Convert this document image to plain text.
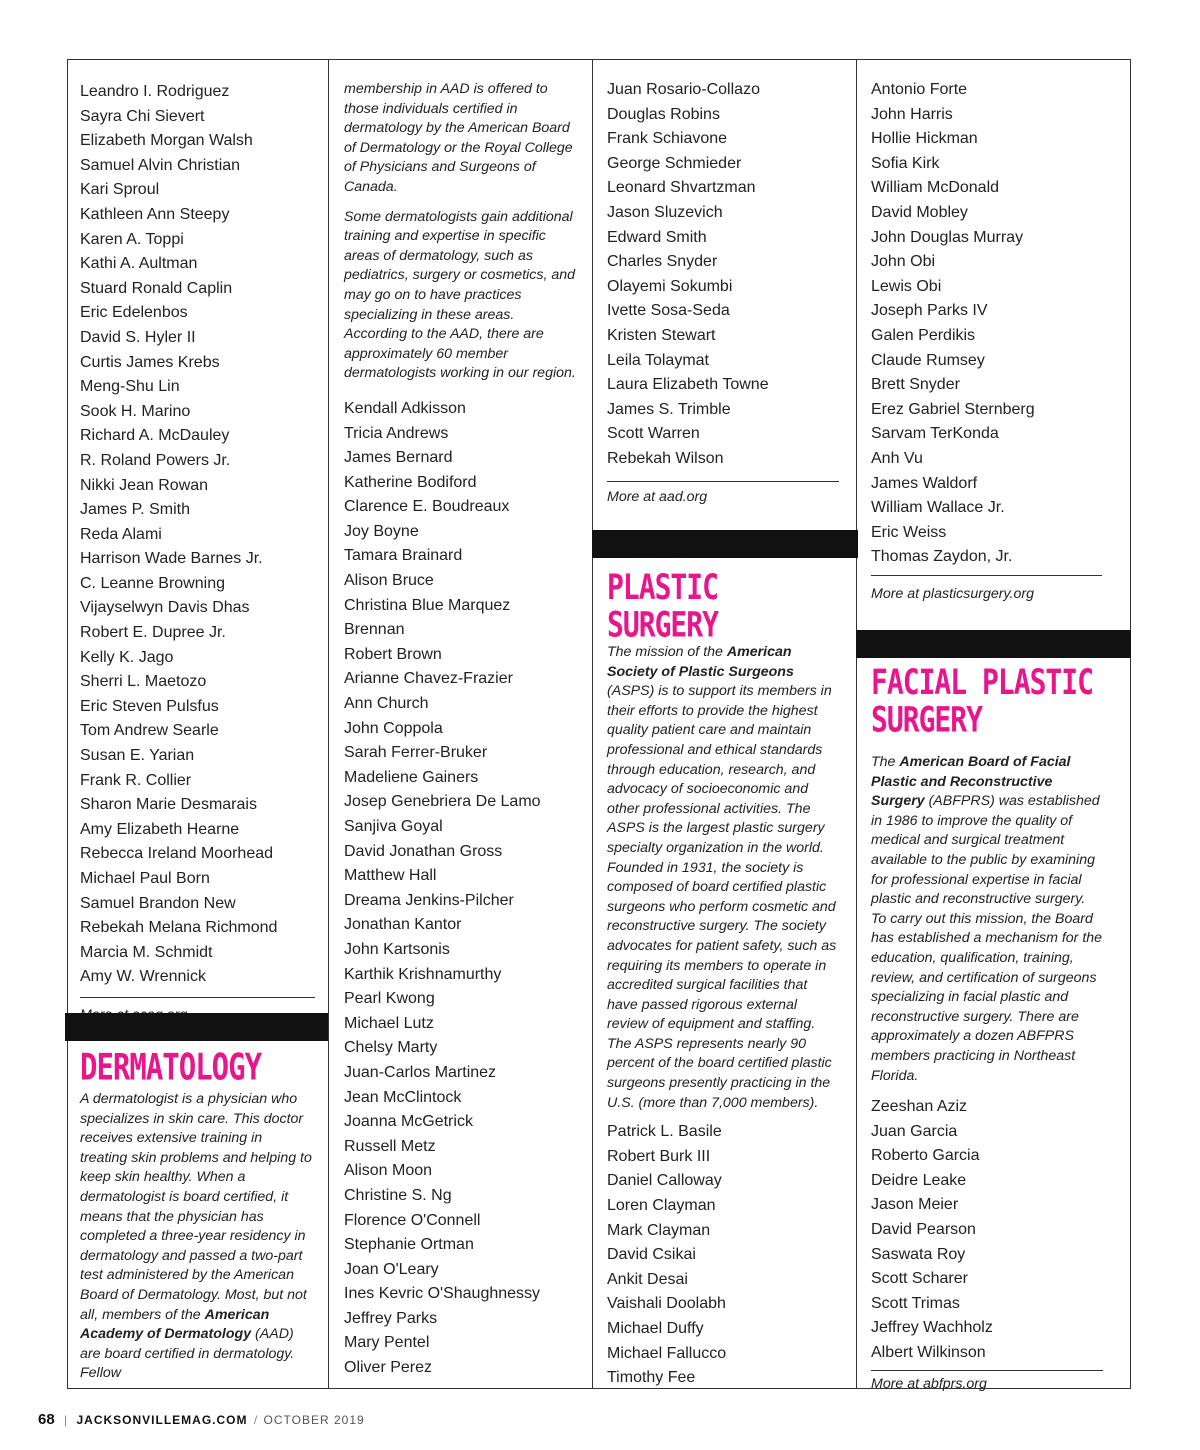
Leandro I. Rodriguez
Sayra Chi Sievert
Elizabeth Morgan Walsh
Samuel Alvin Christian
Kari Sproul
Kathleen Ann Steepy
Karen A. Toppi
Kathi A. Aultman
Stuard Ronald Caplin
Eric Edelenbos
David S. Hyler II
Curtis James Krebs
Meng-Shu Lin
Sook H. Marino
Richard A. McDauley
R. Roland Powers Jr.
Nikki Jean Rowan
James P. Smith
Reda Alami
Harrison Wade Barnes Jr.
C. Leanne Browning
Vijayselwyn Davis Dhas
Robert E. Dupree Jr.
Kelly K. Jago
Sherri L. Maetozo
Eric Steven Pulsfus
Tom Andrew Searle
Susan E. Yarian
Frank R. Collier
Sharon Marie Desmarais
Amy Elizabeth Hearne
Rebecca Ireland Moorhead
Michael Paul Born
Samuel Brandon New
Rebekah Melana Richmond
Marcia M. Schmidt
Amy W. Wrennick
DERMATOLOGY
A dermatologist is a physician who specializes in skin care. This doctor receives extensive training in treating skin problems and helping to keep skin healthy. When a dermatologist is board certified, it means that the physician has completed a three-year residency in dermatology and passed a two-part test administered by the American Board of Dermatology. Most, but not all, members of the American Academy of Dermatology (AAD) are board certified in dermatology. Fellow
membership in AAD is offered to those individuals certified in dermatology by the American Board of Dermatology or the Royal College of Physicians and Surgeons of Canada.
Some dermatologists gain additional training and expertise in specific areas of dermatology, such as pediatrics, surgery or cosmetics, and may go on to have practices specializing in these areas. According to the AAD, there are approximately 60 member dermatologists working in our region.
Kendall Adkisson
Tricia Andrews
James Bernard
Katherine Bodiford
Clarence E. Boudreaux
Joy Boyne
Tamara Brainard
Alison Bruce
Christina Blue Marquez
Brennan
Robert Brown
Arianne Chavez-Frazier
Ann Church
John Coppola
Sarah Ferrer-Bruker
Madeliene Gainers
Josep Genebriera De Lamo
Sanjiva Goyal
David Jonathan Gross
Matthew Hall
Dreama Jenkins-Pilcher
Jonathan Kantor
John Kartsonis
Karthik Krishnamurthy
Pearl Kwong
Michael Lutz
Chelsy Marty
Juan-Carlos Martinez
Jean McClintock
Joanna McGetrick
Russell Metz
Alison Moon
Christine S. Ng
Florence O'Connell
Stephanie Ortman
Joan O'Leary
Ines Kevric O'Shaughnessy
Jeffrey Parks
Mary Pentel
Oliver Perez
Juan Rosario-Collazo
Douglas Robins
Frank Schiavone
George Schmieder
Leonard Shvartzman
Jason Sluzevich
Edward Smith
Charles Snyder
Olayemi Sokumbi
Ivette Sosa-Seda
Kristen Stewart
Leila Tolaymat
Laura Elizabeth Towne
James S. Trimble
Scott Warren
Rebekah Wilson
More at aad.org
PLASTIC SURGERY
The mission of the American Society of Plastic Surgeons (ASPS) is to support its members in their efforts to provide the highest quality patient care and maintain professional and ethical standards through education, research, and advocacy of socioeconomic and other professional activities. The ASPS is the largest plastic surgery specialty organization in the world. Founded in 1931, the society is composed of board certified plastic surgeons who perform cosmetic and reconstructive surgery. The society advocates for patient safety, such as requiring its members to operate in accredited surgical facilities that have passed rigorous external review of equipment and staffing. The ASPS represents nearly 90 percent of the board certified plastic surgeons presently practicing in the U.S. (more than 7,000 members).
Patrick L. Basile
Robert Burk III
Daniel Calloway
Loren Clayman
Mark Clayman
David Csikai
Ankit Desai
Vaishali Doolabh
Michael Duffy
Michael Fallucco
Timothy Fee
Antonio Forte
John Harris
Hollie Hickman
Sofia Kirk
William McDonald
David Mobley
John Douglas Murray
John Obi
Lewis Obi
Joseph Parks IV
Galen Perdikis
Claude Rumsey
Brett Snyder
Erez Gabriel Sternberg
Sarvam TerKonda
Anh Vu
James Waldorf
William Wallace Jr.
Eric Weiss
Thomas Zaydon, Jr.
More at plasticsurgery.org
FACIAL PLASTIC
SURGERY
The American Board of Facial Plastic and Reconstructive Surgery (ABFPRS) was established in 1986 to improve the quality of medical and surgical treatment available to the public by examining for professional expertise in facial plastic and reconstructive surgery. To carry out this mission, the Board has established a mechanism for the education, qualification, training, review, and certification of surgeons specializing in facial plastic and reconstructive surgery. There are approximately a dozen ABFPRS members practicing in Northeast Florida.
Zeeshan Aziz
Juan Garcia
Roberto Garcia
Deidre Leake
Jason Meier
David Pearson
Saswata Roy
Scott Scharer
Scott Trimas
Jeffrey Wachholz
Albert Wilkinson
More at abfprs.org
68 | JACKSONVILLEMAG.COM / OCTOBER 2019
